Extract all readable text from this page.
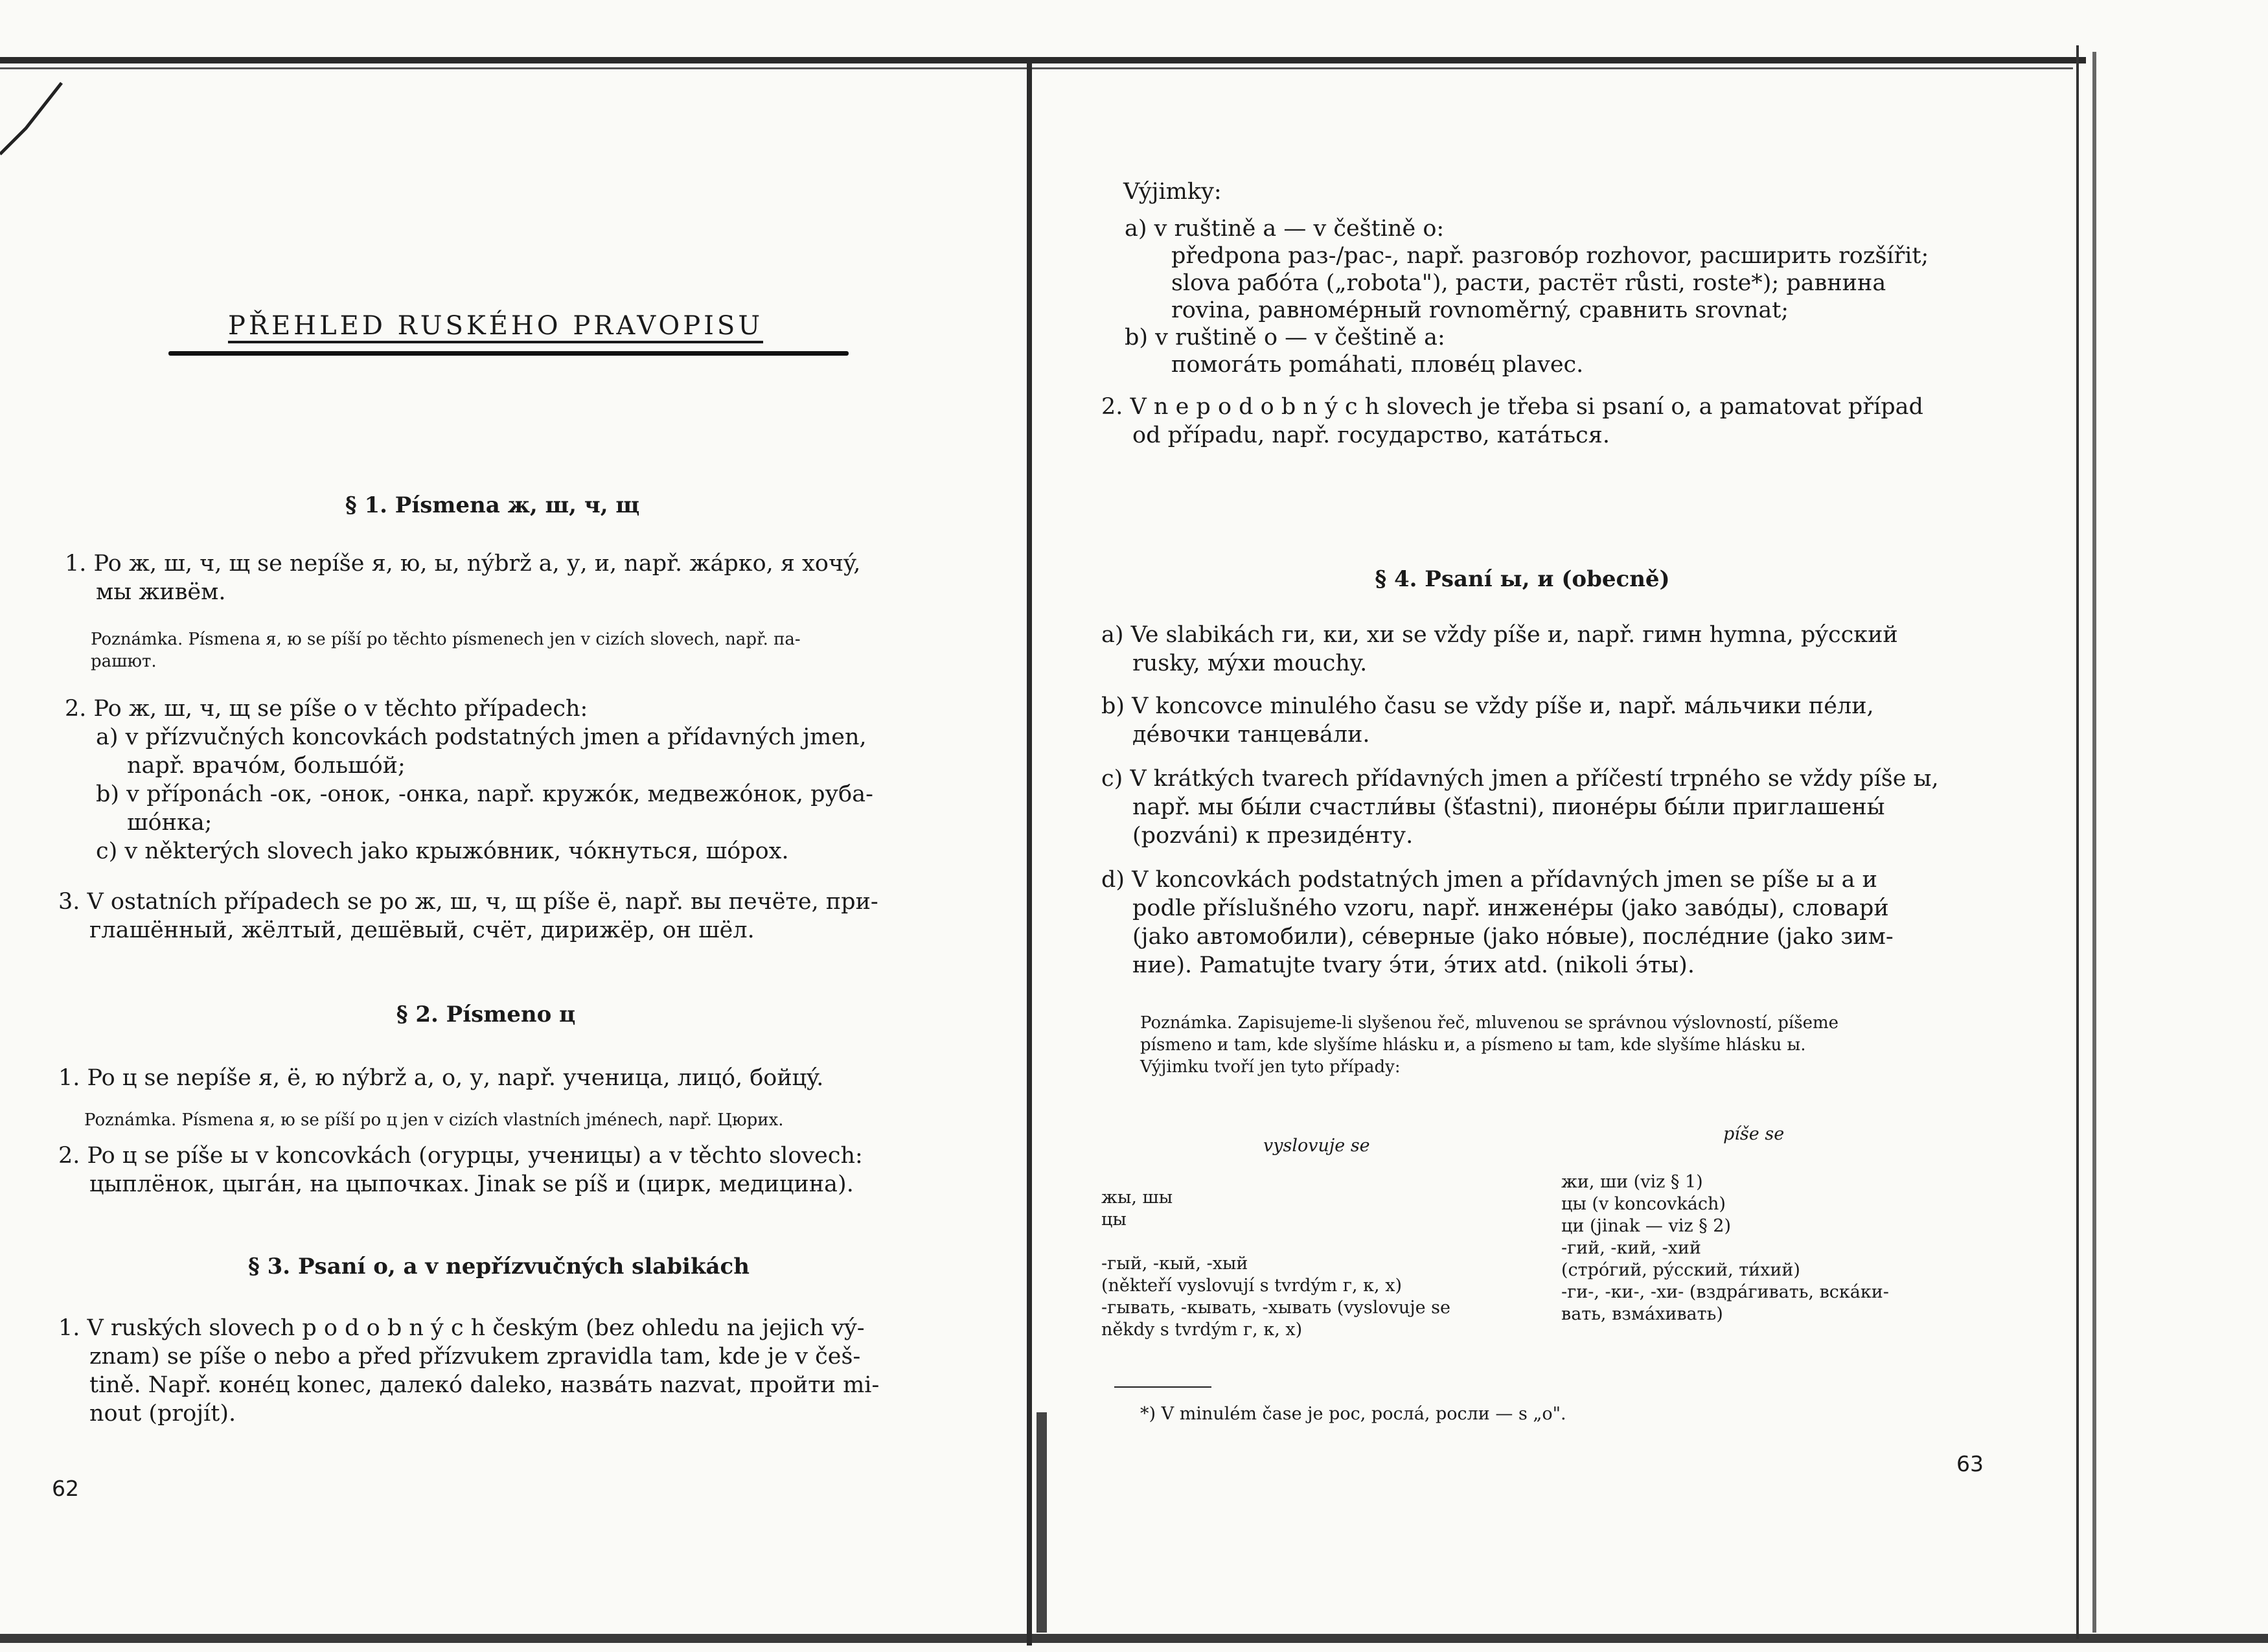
PŘEHLED RUSKÉHO PRAVOPISU
§ 1. Písmena ж, ш, ч, щ
1. Po ж, ш, ч, щ se nepíše я, ю, ы, nýbrž a, у, и, např. жáрко, я хочý,
мы живём.
Poznámka. Písmena я, ю se píší po těchto písmenech jen v cizích slovech, např. па-
рашют.
2. Po ж, ш, ч, щ se píše o v těchto případech:
a) v přízvučných koncovkách podstatných jmen a přídavných jmen,
např. врачóм, большóй;
b) v příponách -ок, -онок, -онка, např. кружóк, медвежóнок, руба-
шóнка;
c) v některých slovech jako крыжóвник, чóкнуться, шóрох.
3. V ostatních případech se po ж, ш, ч, щ píše ё, např. вы печёте, при-
глашённый, жёлтый, дешёвый, счёт, дирижёр, он шёл.
§ 2. Písmeno ц
1. Po ц se nepíše я, ё, ю nýbrž а, о, у, např. ученица, лицó, бойцý.
Poznámka. Písmena я, ю se píší po ц jen v cizích vlastních jménech, např. Цюрих.
2. Po ц se píše ы v koncovkách (огурцы, ученицы) a v těchto slovech:
цыплёнок, цыгáн, на цыпочках. Jinak se píš и (цирк, медицина).
§ 3. Psaní o, a v nepřízvučných slabikách
1. V ruských slovech p o d o b n ý c h českým (bez ohledu na jejich vý-
znam) se píše o nebo a před přízvukem zpravidla tam, kde je v češ-
tině. Např. конéц konec, далекó daleko, назвáть nazvat, пройти mi-
nout (projít).
62
Výjimky:
a) v ruštině a — v češtině o:
předpona раз-/рас-, např. разговóр rozhovor, расширить rozšířit;
slova рабóта („robota"), расти, растёт růsti, roste*); равнина
rovina, равномéрный rovnoměrný, сравнить srovnat;
b) v ruštině o — v češtině a:
помогáть pomáhati, пловéц plavec.
2. V n e p o d o b n ý c h slovech je třeba si psaní o, a pamatovat případ
od případu, např. государство, катáться.
§ 4. Psaní ы, и (obecně)
a) Ve slabikách ги, ки, хи se vždy píše и, např. гимн hymna, рýсский
rusky, мýхи mouchy.
b) V koncovce minulého času se vždy píše и, např. мáльчики пéли,
дéвочки танцевáли.
c) V krátkých tvarech přídavných jmen a příčestí trpného se vždy píše ы,
např. мы бы́ли счастли́вы (šťastni), пионéры бы́ли приглашены́
(pozváni) к президéнту.
d) V koncovkách podstatných jmen a přídavných jmen se píše ы a и
podle příslušného vzoru, např. инженéры (jako завóды), словари́
(jako автомобили), сéверные (jako нóвые), послéдние (jako зим-
ние). Pamatujte tvary э́ти, э́тих atd. (nikoli э́ты).
Poznámka. Zapisujeme-li slyšenou řeč, mluvenou se správnou výslovností, píšeme
písmeno и tam, kde slyšíme hlásku и, a písmeno ы tam, kde slyšíme hlásku ы.
Výjimku tvoří jen tyto případy:
vyslovuje se
píše se
жы, шы
цы
-гый, -кый, -хый
(někteří vyslovují s tvrdým г, к, х)
-гывать, -кывать, -хывать (vyslovuje se
někdy s tvrdým г, к, х)
жи, ши (viz § 1)
цы (v koncovkách)
ци (jinak — viz § 2)
-гий, -кий, -хий
(стрóгий, рýсский, ти́хий)
-ги-, -ки-, -хи- (вздрáгивать, вскáки-
вать, взмáхивать)
*) V minulém čase je рос, рослá, росли — s „o".
63
